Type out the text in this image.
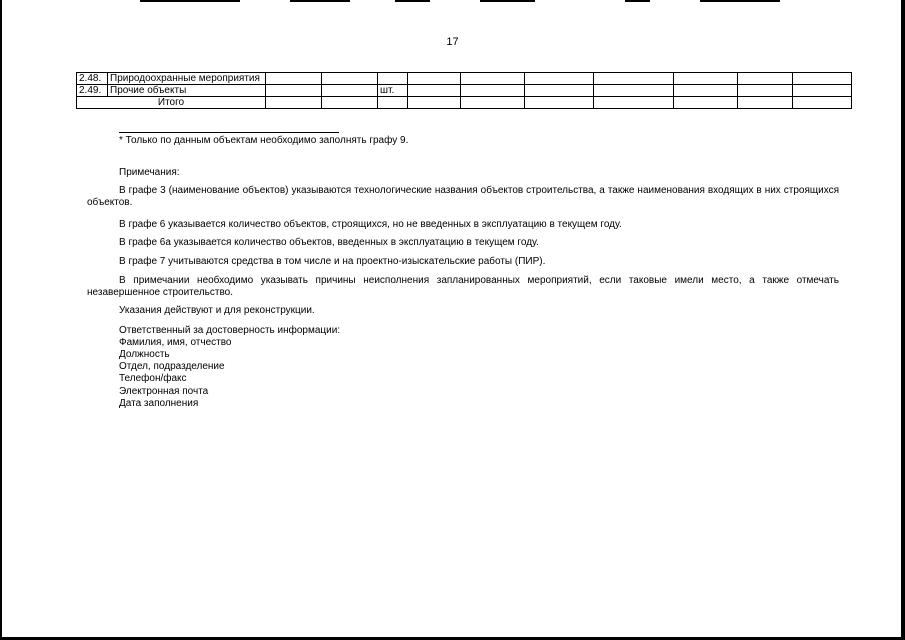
17
2.48.	Природоохранные мероприятия										
2.49.	Прочие объекты			шт.							
Итого											
* Только по данным объектам необходимо заполнять графу 9.
Примечания:
В графе 3 (наименование объектов) указываются технологические названия объектов строительства, а также наименования входящих в них строящихся объектов.
В графе 6 указывается количество объектов, строящихся, но не введенных в эксплуатацию в текущем году.
В графе 6а указывается количество объектов, введенных в эксплуатацию в текущем году.
В графе 7 учитываются средства в том числе и на проектно-изыскательские работы (ПИР).
В примечании необходимо указывать причины неисполнения запланированных мероприятий, если таковые имели место, а также отмечать незавершенное строительство.
Указания действуют и для реконструкции.
Ответственный за достоверность информации:
Фамилия, имя, отчество
Должность
Отдел, подразделение
Телефон/факс
Электронная почта
Дата заполнения
